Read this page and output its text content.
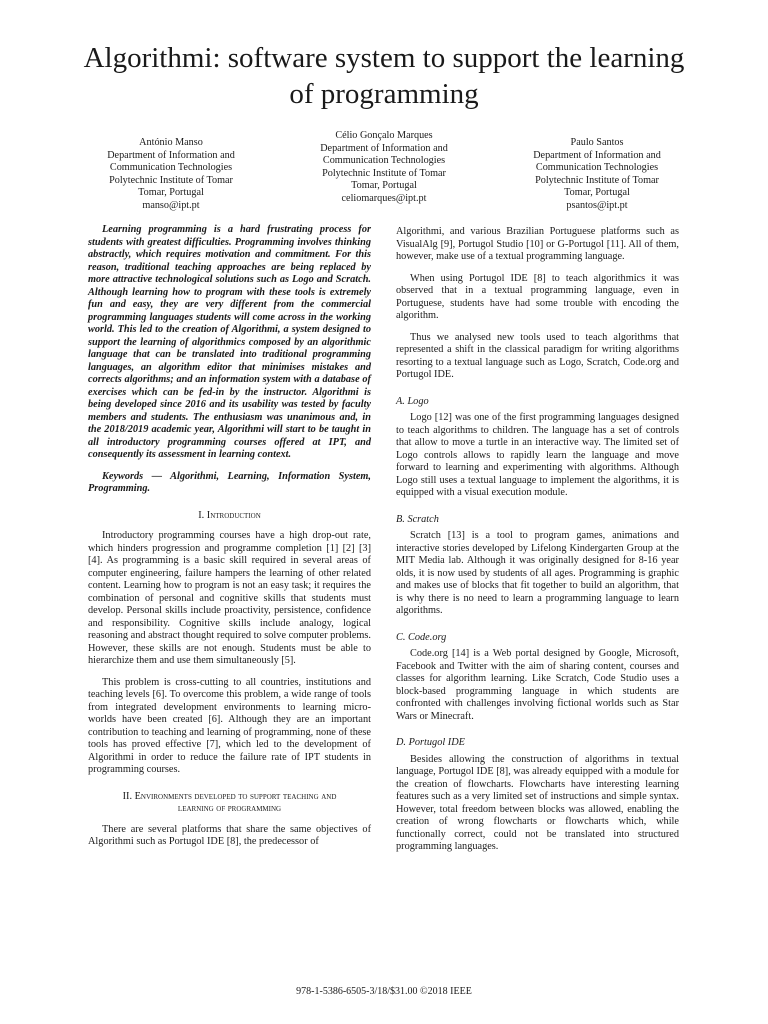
Algorithmi: software system to support the learning
of programming
António Manso
Department of Information and
Communication Technologies
Polytechnic Institute of Tomar
Tomar, Portugal
manso@ipt.pt
Célio Gonçalo Marques
Department of Information and
Communication Technologies
Polytechnic Institute of Tomar
Tomar, Portugal
celiomarques@ipt.pt
Paulo Santos
Department of Information and
Communication Technologies
Polytechnic Institute of Tomar
Tomar, Portugal
psantos@ipt.pt

Learning programming is a hard frustrating process for students with greatest difficulties. Programming involves thinking abstractly, which requires motivation and commitment. For this reason, traditional teaching approaches are being replaced by more attractive technological solutions such as Logo and Scratch. Although learning how to program with these tools is extremely fun and easy, they are very different from the commercial programming languages students will come across in the working world. This led to the creation of Algorithmi, a system designed to support the learning of algorithmics composed by an algorithmic language that can be translated into traditional programming languages, an algorithm editor that minimises mistakes and corrects algorithms; and an information system with a database of exercises which can be fed-in by the instructor. Algorithmi is being developed since 2016 and its usability was tested by faculty members and students. The enthusiasm was unanimous and, in the 2018/2019 academic year, Algorithmi will start to be taught in all introductory programming courses offered at IPT, and consequently its assessment in learning context.

Keywords — Algorithmi, Learning, Information System, Programming.

I. Introduction

Introductory programming courses have a high drop-out rate, which hinders progression and programme completion [1] [2] [3] [4]. As programming is a basic skill required in several areas of computer engineering, failure hampers the learning of other related content. Learning how to program is not an easy task; it requires the combination of personal and cognitive skills that students must develop. Personal skills include proactivity, persistence, confidence and responsibility. Cognitive skills include analogy, logical reasoning and abstract thought required to solve computer problems. However, these skills are not enough. Students must be able to hierarchize them and use them simultaneously [5].

This problem is cross-cutting to all countries, institutions and teaching levels [6]. To overcome this problem, a wide range of tools from integrated development environments to learning micro-worlds have been created [6]. Although they are an important contribution to teaching and learning of programming, none of these tools has proved effective [7], which led to the development of Algorithmi in order to reduce the failure rate of IPT students in programming courses.

II. Environments developed to support teaching and
learning of programming

There are several platforms that share the same objectives of Algorithmi such as Portugol IDE [8], the predecessor of

Algorithmi, and various Brazilian Portuguese platforms such as VisualAlg [9], Portugol Studio [10] or G-Portugol [11]. All of them, however, make use of a textual programming language.

When using Portugol IDE [8] to teach algorithmics it was observed that in a textual programming language, even in Portuguese, students have had some trouble with encoding the algorithm.

Thus we analysed new tools used to teach algorithms that represented a shift in the classical paradigm for writing algorithms resorting to a textual language such as Logo, Scratch, Code.org and Portugol IDE.

A. Logo

Logo [12] was one of the first programming languages designed to teach algorithms to children. The language has a set of controls that allow to move a turtle in an interactive way. The limited set of Logo controls allows to rapidly learn the language and move forward to learning and experimenting with algorithms. Although Logo still uses a textual language to implement the algorithms, it is equipped with a visual execution module.

B. Scratch

Scratch [13] is a tool to program games, animations and interactive stories developed by Lifelong Kindergarten Group at the MIT Media lab. Although it was originally designed for 8-16 year olds, it is now used by students of all ages. Programming is graphic and makes use of blocks that fit together to build an algorithm, that is why there is no need to learn a programming language to learn algorithms.

C. Code.org

Code.org [14] is a Web portal designed by Google, Microsoft, Facebook and Twitter with the aim of sharing content, courses and classes for algorithm learning. Like Scratch, Code Studio uses a block-based programming language in which students are confronted with challenges involving fictional worlds such as Star Wars or Minecraft.

D. Portugol IDE

Besides allowing the construction of algorithms in textual language, Portugol IDE [8], was already equipped with a module for the creation of flowcharts. Flowcharts have interesting learning features such as a very limited set of instructions and simple syntax. However, total freedom between blocks was allowed, enabling the creation of wrong flowcharts or flowcharts which, while functionally correct, could not be translated into structured programming languages.

978-1-5386-6505-3/18/$31.00 ©2018 IEEE
